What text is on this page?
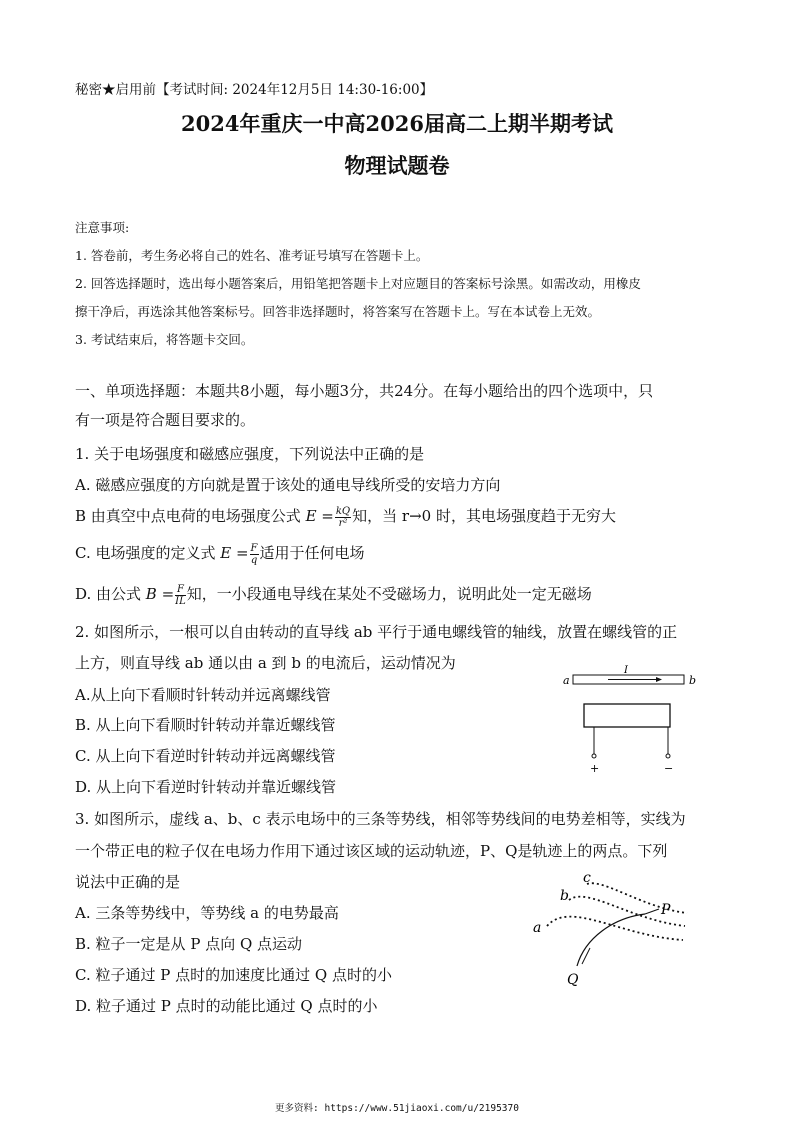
秘密★启用前【考试时间: 2024年12月5日 14:30-16:00】
2024年重庆一中高2026届高二上期半期考试
物理试题卷
注意事项:
1. 答卷前，考生务必将自己的姓名、准考证号填写在答题卡上。
2. 回答选择题时，选出每小题答案后，用铅笔把答题卡上对应题目的答案标号涂黑。如需改动，用橡皮
擦干净后，再选涂其他答案标号。回答非选择题时，将答案写在答题卡上。写在本试卷上无效。
3. 考试结束后，将答题卡交回。
一、单项选择题：本题共8小题，每小题3分，共24分。在每小题给出的四个选项中，只
有一项是符合题目要求的。
1. 关于电场强度和磁感应强度，下列说法中正确的是
A. 磁感应强度的方向就是置于该处的通电导线所受的安培力方向
B 由真空中点电荷的电场强度公式 $E = \frac{kQ}{\text{r²}}$ 知，当 r→0 时，其电场强度趋于无穷大
C. 电场强度的定义式 $E = \frac{F}{q}$ 适用于任何电场
D. 由公式 $B = \frac{F}{IL}$ 知，一小段通电导线在某处不受磁场力，说明此处一定无磁场
2. 如图所示，一根可以自由转动的直导线 ab 平行于通电螺线管的轴线，放置在螺线管的正
上方，则直导线 ab 通以由 a 到 b 的电流后，运动情况为
A.从上向下看顺时针转动并远离螺线管
B. 从上向下看顺时针转动并靠近螺线管
C. 从上向下看逆时针转动并远离螺线管
D. 从上向下看逆时针转动并靠近螺线管
a
I
b
+	−
3. 如图所示，虚线 a、b、c 表示电场中的三条等势线，相邻等势线间的电势差相等，实线为
一个带正电的粒子仅在电场力作用下通过该区域的运动轨迹，P、Q是轨迹上的两点。下列
说法中正确的是
A. 三条等势线中，等势线 a 的电势最高
B. 粒子一定是从 P 点向 Q 点运动
C. 粒子通过 P 点时的加速度比通过 Q 点时的小
D. 粒子通过 P 点时的动能比通过 Q 点时的小
a
b
c
P
Q
更多资料: https://www.51jiaoxi.com/u/2195370
